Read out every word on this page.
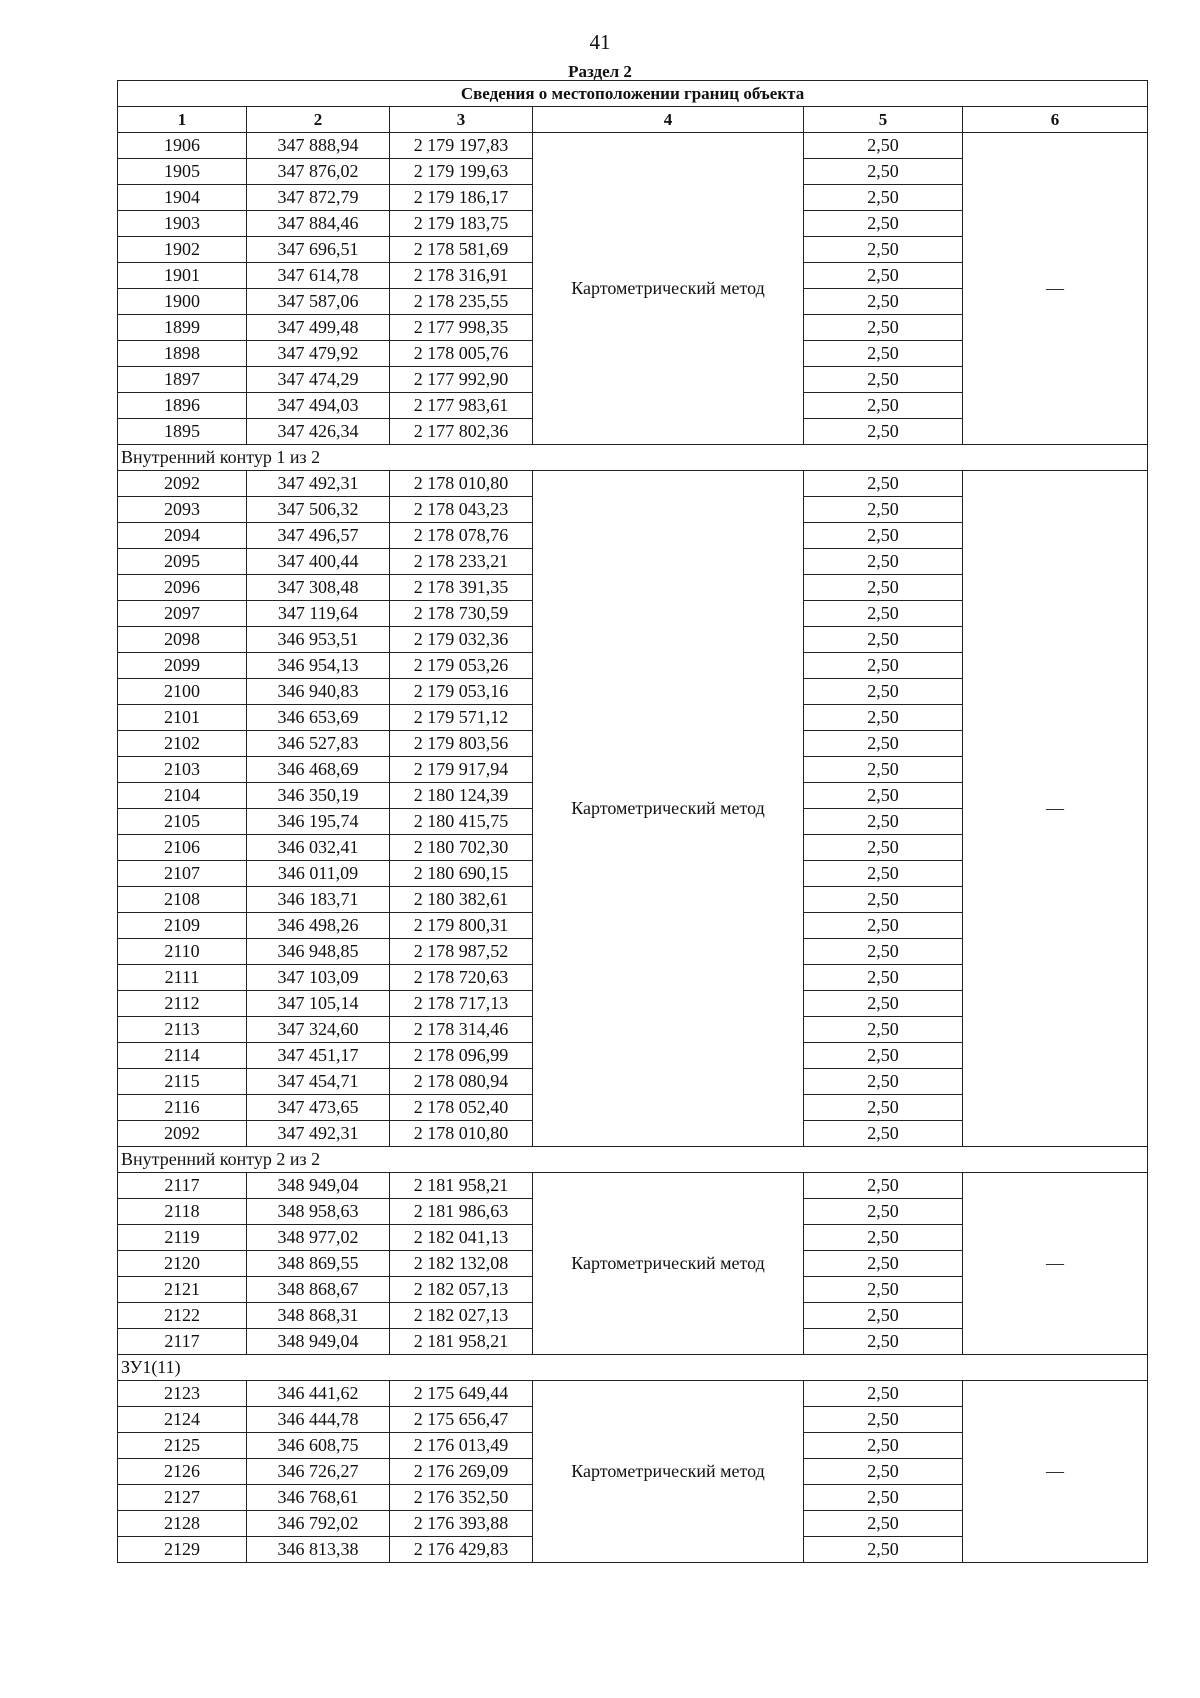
41
Раздел 2
Сведения о местоположении границ объекта					
1	2	3	4	5	6
1906	347 888,94	2 179 197,83	Картометрический метод	2,50	—
1905	347 876,02	2 179 199,63		2,50	
1904	347 872,79	2 179 186,17		2,50	
1903	347 884,46	2 179 183,75		2,50	
1902	347 696,51	2 178 581,69		2,50	
1901	347 614,78	2 178 316,91		2,50	
1900	347 587,06	2 178 235,55		2,50	
1899	347 499,48	2 177 998,35		2,50	
1898	347 479,92	2 178 005,76		2,50	
1897	347 474,29	2 177 992,90		2,50	
1896	347 494,03	2 177 983,61		2,50	
1895	347 426,34	2 177 802,36		2,50	
Внутренний контур 1 из 2					
2092	347 492,31	2 178 010,80	Картометрический метод	2,50	—
2093	347 506,32	2 178 043,23		2,50	
2094	347 496,57	2 178 078,76		2,50	
2095	347 400,44	2 178 233,21		2,50	
2096	347 308,48	2 178 391,35		2,50	
2097	347 119,64	2 178 730,59		2,50	
2098	346 953,51	2 179 032,36		2,50	
2099	346 954,13	2 179 053,26		2,50	
2100	346 940,83	2 179 053,16		2,50	
2101	346 653,69	2 179 571,12		2,50	
2102	346 527,83	2 179 803,56		2,50	
2103	346 468,69	2 179 917,94		2,50	
2104	346 350,19	2 180 124,39		2,50	
2105	346 195,74	2 180 415,75		2,50	
2106	346 032,41	2 180 702,30		2,50	
2107	346 011,09	2 180 690,15		2,50	
2108	346 183,71	2 180 382,61		2,50	
2109	346 498,26	2 179 800,31		2,50	
2110	346 948,85	2 178 987,52		2,50	
2111	347 103,09	2 178 720,63		2,50	
2112	347 105,14	2 178 717,13		2,50	
2113	347 324,60	2 178 314,46		2,50	
2114	347 451,17	2 178 096,99		2,50	
2115	347 454,71	2 178 080,94		2,50	
2116	347 473,65	2 178 052,40		2,50	
2092	347 492,31	2 178 010,80		2,50	
Внутренний контур 2 из 2					
2117	348 949,04	2 181 958,21	Картометрический метод	2,50	—
2118	348 958,63	2 181 986,63		2,50	
2119	348 977,02	2 182 041,13		2,50	
2120	348 869,55	2 182 132,08		2,50	
2121	348 868,67	2 182 057,13		2,50	
2122	348 868,31	2 182 027,13		2,50	
2117	348 949,04	2 181 958,21		2,50	
ЗУ1(11)					
2123	346 441,62	2 175 649,44	Картометрический метод	2,50	—
2124	346 444,78	2 175 656,47		2,50	
2125	346 608,75	2 176 013,49		2,50	
2126	346 726,27	2 176 269,09		2,50	
2127	346 768,61	2 176 352,50		2,50	
2128	346 792,02	2 176 393,88		2,50	
2129	346 813,38	2 176 429,83		2,50	
